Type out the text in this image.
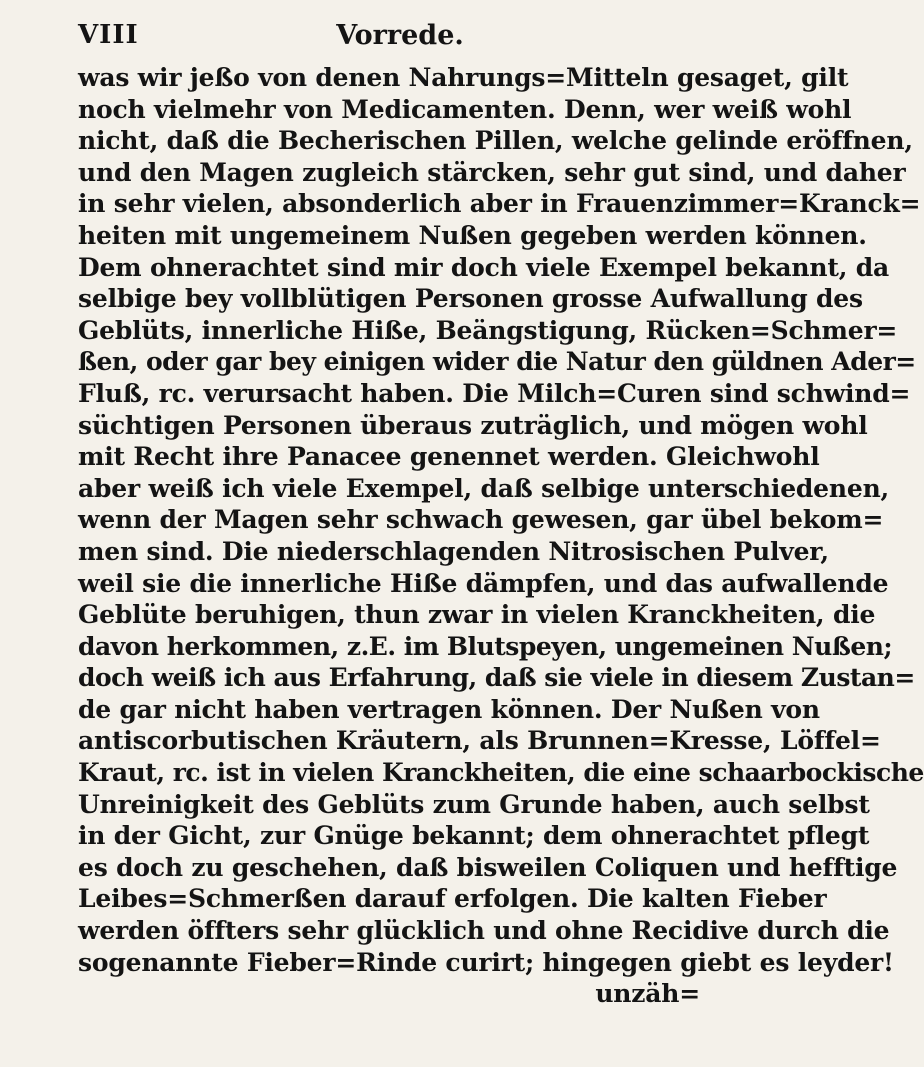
VIII	Vorrede.
was wir jeßo von denen Nahrungs=Mitteln gesaget, gilt
noch vielmehr von Medicamenten. Denn, wer weiß wohl
nicht, daß die Becherischen Pillen, welche gelinde eröffnen,
und den Magen zugleich stärcken, sehr gut sind, und daher
in sehr vielen, absonderlich aber in Frauenzimmer=Kranck=
heiten mit ungemeinem Nußen gegeben werden können.
Dem ohnerachtet sind mir doch viele Exempel bekannt, da
selbige bey vollblütigen Personen grosse Aufwallung des
Geblüts, innerliche Hiße, Beängstigung, Rücken=Schmer=
ßen, oder gar bey einigen wider die Natur den güldnen Ader=
Fluß, rc. verursacht haben. Die Milch=Curen sind schwind=
süchtigen Personen überaus zuträglich, und mögen wohl
mit Recht ihre Panacee genennet werden. Gleichwohl
aber weiß ich viele Exempel, daß selbige unterschiedenen,
wenn der Magen sehr schwach gewesen, gar übel bekom=
men sind. Die niederschlagenden Nitrosischen Pulver,
weil sie die innerliche Hiße dämpfen, und das aufwallende
Geblüte beruhigen, thun zwar in vielen Kranckheiten, die
davon herkommen, z.E. im Blutspeyen, ungemeinen Nußen;
doch weiß ich aus Erfahrung, daß sie viele in diesem Zustan=
de gar nicht haben vertragen können. Der Nußen von
antiscorbutischen Kräutern, als Brunnen=Kresse, Löffel=
Kraut, rc. ist in vielen Kranckheiten, die eine schaarbockische
Unreinigkeit des Geblüts zum Grunde haben, auch selbst
in der Gicht, zur Gnüge bekannt; dem ohnerachtet pflegt
es doch zu geschehen, daß bisweilen Coliquen und hefftige
Leibes=Schmerßen darauf erfolgen. Die kalten Fieber
werden öffters sehr glücklich und ohne Recidive durch die
sogenannte Fieber=Rinde curirt; hingegen giebt es leyder!
unzäh=
